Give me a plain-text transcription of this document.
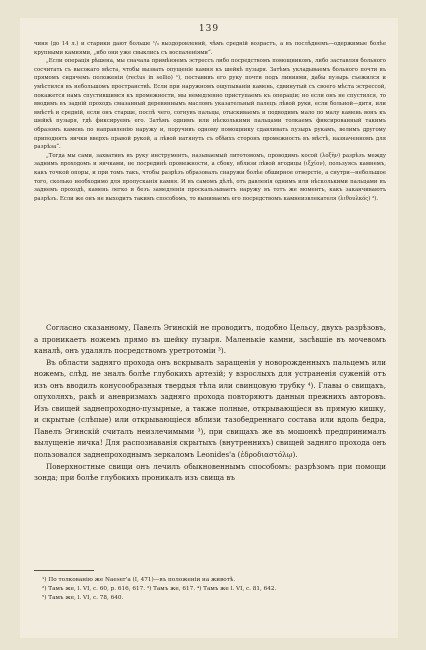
139

чиня (до 14 л.) и старики дают больше ¹/₃ выздоровлений, чѣмъ средній возрастъ, а въ послѣднемъ—одержимые болѣе крупными камнями, „ибо они уже свыклись съ воспаленіями“.

„Если операція рѣшена, мы сначала примѣняемъ эстрессъ либо посредствомъ помощниковъ, либо заставляя больного сосчитать съ высокаго мѣста, чтобы вызвать опущеніе камня къ шейкѣ пузыря. Затѣмъ укладываемъ больного почти въ прямомъ сидячемъ положеніи (rectus in sellio) ¹), поставивъ его руку почти подъ линиями, дабы пузырь съежился и умѣстился въ небольшомъ пространствѣ. Если при наружномъ ощупываніи камень, сдвинутый съ своего мѣста эстрессой, покажется намъ спустившимся къ промежности, мы немедленно приступаемъ къ операціи; но если онъ не спустился, то вводимъ въ задній проходъ смазанный деревяннымъ масломъ указательный палецъ лѣвой руки, если больной—дитя, или вмѣстѣ и средній, если онъ старше, послѣ чего, согнувъ пальцы, отыскиваемъ и подводимъ мало по малу камень вонъ къ шейкѣ пузыря, гдѣ фиксируемъ его. Затѣмъ однимъ или нѣсколькими пальцами толкаемъ фиксированный такимъ образомъ камень по направленію наружу и, поручивъ одному помощнику сдавливать пузырь рукамъ, велимъ другому приподнять яички вверхъ правой рукой, а лѣвой натянуть съ обѣихъ сторонъ промежность въ мѣстѣ, назначенномъ для разрѣза“.

„Тогда мы сами, захвативъ въ руку инструментъ, называемый литотомомъ, проводимъ косой (λοξὴν) разрѣзъ между заднимъ проходомъ и яичками, не посрединѣ промежности, а сбоку, вблизи лѣвой ягодицы (ιξχίον), пользуясь камнемъ, какъ точкой опоры, и при томъ такъ, чтобы разрѣзъ образовалъ снаружи болѣе обширное отверстіе, а снутри—небольшое того, сколько необходимо для пропусканія камня. И въ самомъ дѣлѣ, отъ давленія однимъ или нѣсколькими пальцами въ заднемъ проходѣ, камень легко и безъ замедленія проскальзываетъ наружу въ тотъ же моментъ, какъ заканчиваютъ разрѣзъ. Если же онъ не выходитъ такимъ способомъ, то вынимаемъ его посредствомъ камнеизвлекателя (λιθουλκός) ²).

Согласно сказанному, Павелъ Эгинскій не проводитъ, подобно Цельсу, двухъ разрѣзовъ, а проникаетъ ножемъ прямо въ шейку пузыря. Маленькіе камни, засѣвшіе въ мочевомъ каналѣ, онъ удалялъ посредствомъ уретротоміи ³).

Въ области задняго прохода онъ вскрывалъ заращенія у новорожденныхъ пальцемъ или ножемъ, слѣд. не зналъ болѣе глубокихъ артезій; у взрослыхъ для устраненія суженій отъ изъ онъ вводилъ конусообразныя твердыя тѣла или свинцовую трубку ⁴). Главы о свищахъ, опухоляхъ, ракѣ и аневризмахъ задняго прохода повторяютъ данныя прежнихъ авторовъ. Изъ свищей заднепроходно-пузырные, а также полные, открывающіеся въ прямую кишку, и скрытые (слѣпые) или открывающіеся вблизи тазобедреннаго состава или вдоль бедра, Павелъ Эгинскій считалъ неизлечимыми ³), при свищахъ же въ мошонкѣ предпринималъ вылущеніе яичка! Для распознаванія скрытыхъ (внутреннихъ) свищей задняго прохода онъ пользовался заднепроходнымъ зеркаломъ Leonides'а (ἐδροδιαστόλῳ).

Поверхностные свищи онъ лечилъ обыкновеннымъ способомъ: разрѣзомъ при помощи зонда; при болѣе глубокихъ проникалъ изъ свища въ

¹) По толкованію же Naeser'а (I, 471)—въ положеніи на животѣ.

²) Тамъ же, l. VI, c. 60, p. 616, 617. ³) Тамъ же, 617. ⁴) Тамъ же l. VI, c. 81, 642.

⁵) Тамъ же, l. VI, c. 78, 640.
